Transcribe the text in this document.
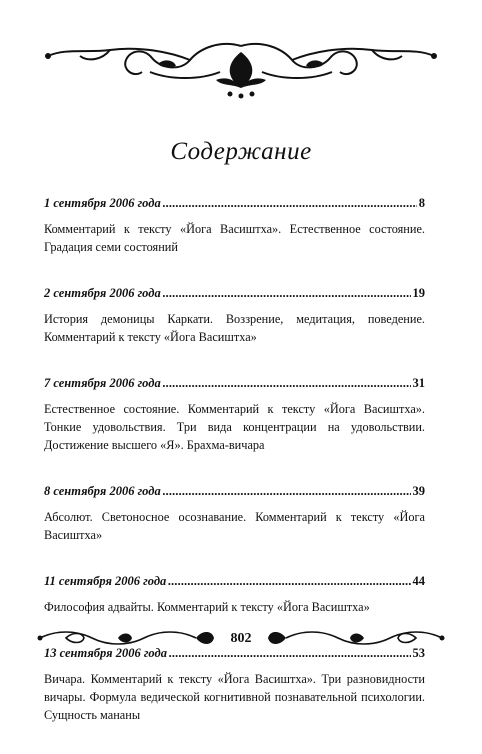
Содержание
1 сентября 2006 года . . .	8
Комментарий к тексту «Йога Васиштха». Естественное состояние. Градация семи состояний
2 сентября 2006 года . . .	19
История демоницы Каркати. Воззрение, медитация, поведение. Комментарий к тексту «Йога Васиштха»
7 сентября 2006 года . . .	31
Естественное состояние. Комментарий к тексту «Йога Васиштха». Тонкие удовольствия. Три вида концентрации на удовольствии. Достижение высшего «Я». Брахма-вичара
8 сентября 2006 года . . .	39
Абсолют. Светоносное осознавание. Комментарий к тексту «Йога Васиштха»
11 сентября 2006 года . . .	44
Философия адвайты. Комментарий к тексту «Йога Васиштха»
13 сентября 2006 года . . .	53
Вичара. Комментарий к тексту «Йога Васиштха». Три разновидности вичары. Формула ведической когнитивной познавательной психологии. Сущность мананы
802
